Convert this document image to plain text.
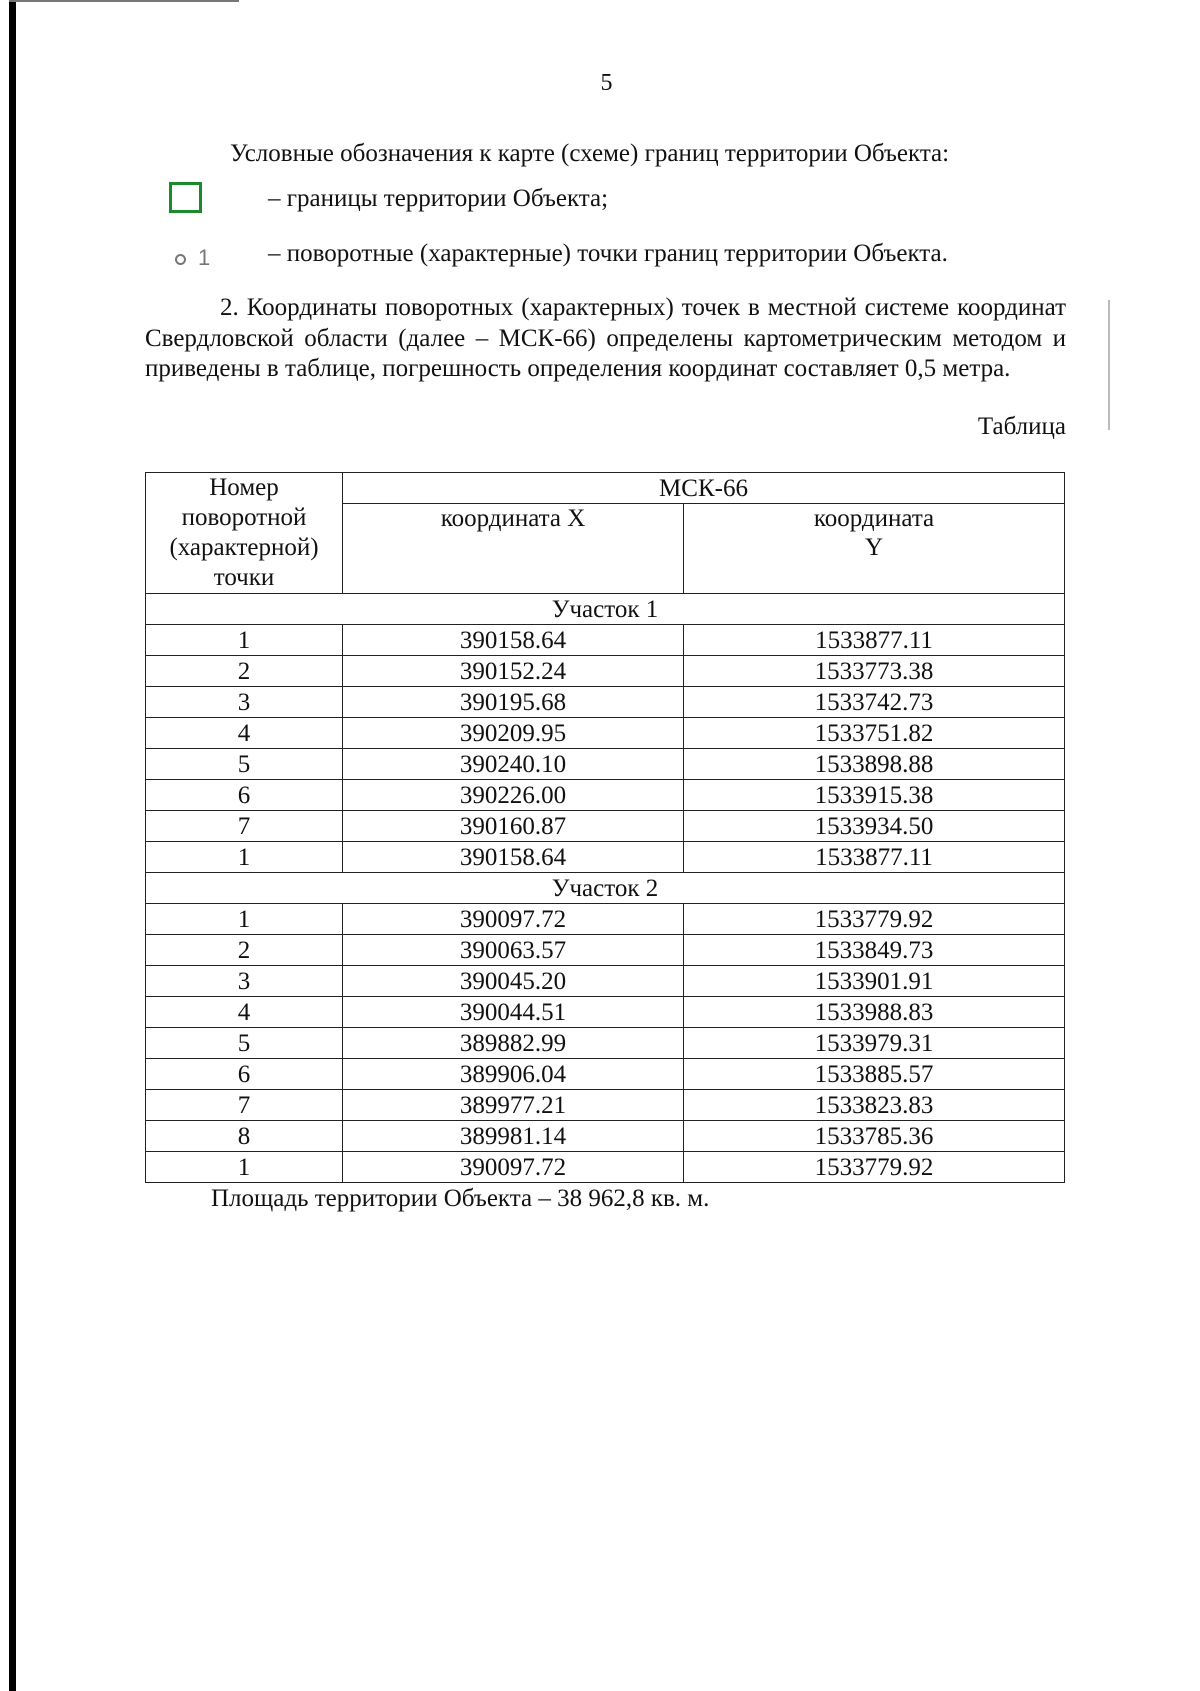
5
Условные обозначения к карте (схеме) границ территории Объекта:
– границы территории Объекта;
1 – поворотные (характерные) точки границ территории Объекта.

2. Координаты поворотных (характерных) точек в местной системе координат Свердловской области (далее – МСК-66) определены картометрическим методом и приведены в таблице, погрешность определения координат составляет 0,5 метра.

Таблица
Номер поворотной (характерной) точки	МСК-66	
	координата X	координата Y
Участок 1		
1	390158.64	1533877.11
2	390152.24	1533773.38
3	390195.68	1533742.73
4	390209.95	1533751.82
5	390240.10	1533898.88
6	390226.00	1533915.38
7	390160.87	1533934.50
1	390158.64	1533877.11
Участок 2		
1	390097.72	1533779.92
2	390063.57	1533849.73
3	390045.20	1533901.91
4	390044.51	1533988.83
5	389882.99	1533979.31
6	389906.04	1533885.57
7	389977.21	1533823.83
8	389981.14	1533785.36
1	390097.72	1533779.92
Площадь территории Объекта – 38 962,8 кв. м.
